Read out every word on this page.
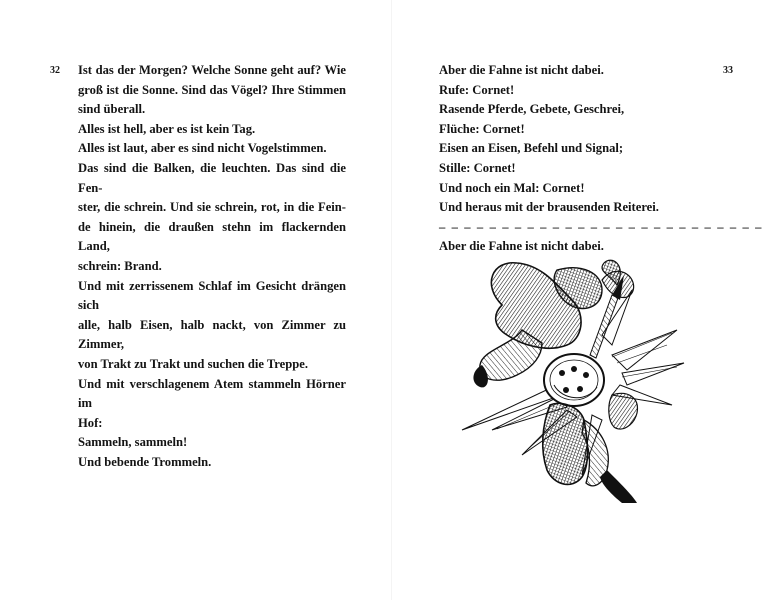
32 Ist das der Morgen? Welche Sonne geht auf? Wie
groß ist die Sonne. Sind das Vögel? Ihre Stimmen
sind überall.
Alles ist hell, aber es ist kein Tag.
Alles ist laut, aber es sind nicht Vogelstimmen.
Das sind die Balken, die leuchten. Das sind die Fen-
ster, die schrein. Und sie schrein, rot, in die Fein-
de hinein, die draußen stehn im flackernden Land,
schrein: Brand.
Und mit zerrissenem Schlaf im Gesicht drängen sich
alle, halb Eisen, halb nackt, von Zimmer zu Zimmer,
von Trakt zu Trakt und suchen die Treppe.
Und mit verschlagenem Atem stammeln Hörner im
Hof:
Sammeln, sammeln!
Und bebende Trommeln.
33
Aber die Fahne ist nicht dabei.
Rufe: Cornet!
Rasende Pferde, Gebete, Geschrei,
Flüche: Cornet!
Eisen an Eisen, Befehl und Signal;
Stille: Cornet!
Und noch ein Mal: Cornet!
Und heraus mit der brausenden Reiterei.
– – – – – – – – – – – – – – – – – – – – – – – – – –
Aber die Fahne ist nicht dabei.
